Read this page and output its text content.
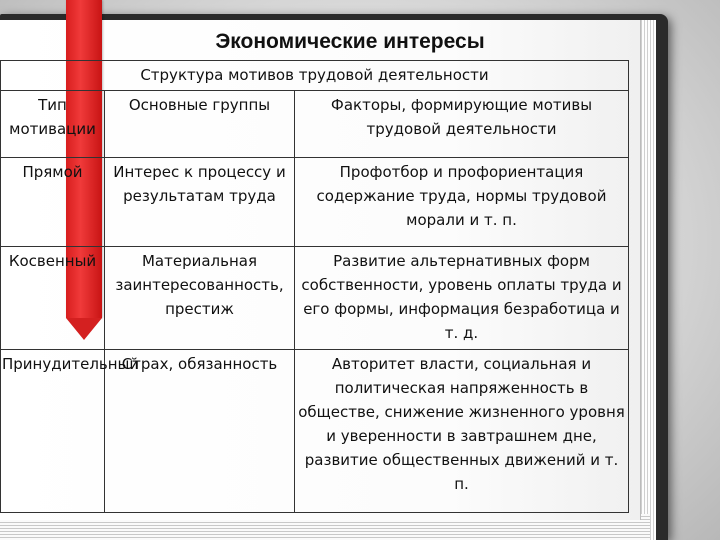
Экономические интересы
Структура мотивов трудовой деятельности		
Тип мотивации	Основные группы	Факторы, формирующие мотивы трудовой деятельности
Прямой	Интерес к процессу и результатам труда	Профотбор и профориентация содержание труда, нормы трудовой морали и т. п.
Косвенный	Материальная заинтересованность, престиж	Развитие альтернативных форм собственности, уровень оплаты труда и его формы, информация безработица и т. д.
Принудительный	Страх, обязанность	Авторитет власти, социальная и политическая напряженность в обществе, снижение жизненного уровня и уверенности в завтрашнем дне, развитие общественных движений и т. п.
